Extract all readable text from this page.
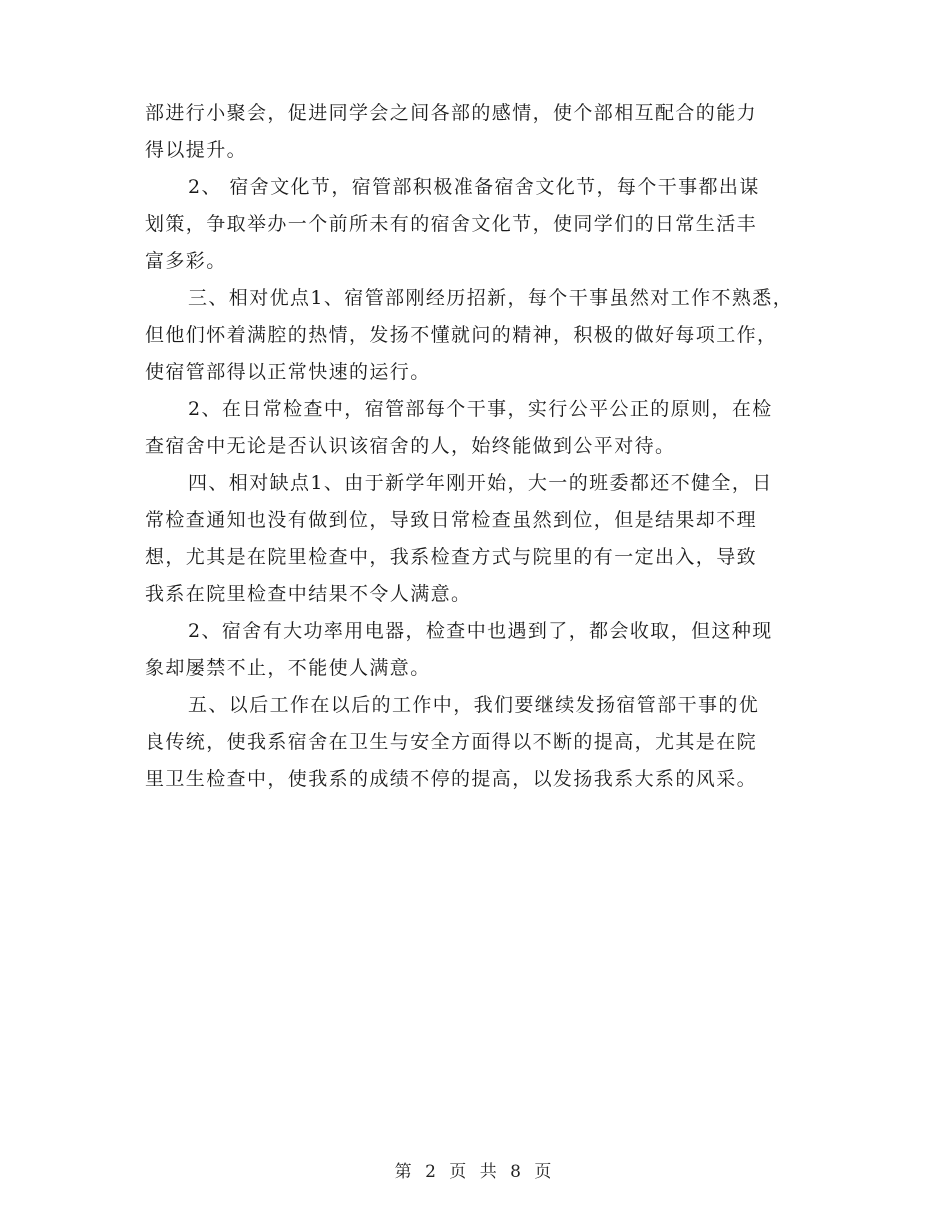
部进行小聚会，促进同学会之间各部的感情，使个部相互配合的能力
得以提升。
2、 宿舍文化节，宿管部积极准备宿舍文化节，每个干事都出谋
划策，争取举办一个前所未有的宿舍文化节，使同学们的日常生活丰
富多彩。
三、相对优点1、宿管部刚经历招新，每个干事虽然对工作不熟悉，
但他们怀着满腔的热情，发扬不懂就问的精神，积极的做好每项工作，
使宿管部得以正常快速的运行。
2、在日常检查中，宿管部每个干事，实行公平公正的原则，在检
查宿舍中无论是否认识该宿舍的人，始终能做到公平对待。
四、相对缺点1、由于新学年刚开始，大一的班委都还不健全，日
常检查通知也没有做到位，导致日常检查虽然到位，但是结果却不理
想，尤其是在院里检查中，我系检查方式与院里的有一定出入，导致
我系在院里检查中结果不令人满意。
2、宿舍有大功率用电器，检查中也遇到了，都会收取，但这种现
象却屡禁不止，不能使人满意。
五、以后工作在以后的工作中，我们要继续发扬宿管部干事的优
良传统，使我系宿舍在卫生与安全方面得以不断的提高，尤其是在院
里卫生检查中，使我系的成绩不停的提高，以发扬我系大系的风采。
第 2 页 共 8 页
